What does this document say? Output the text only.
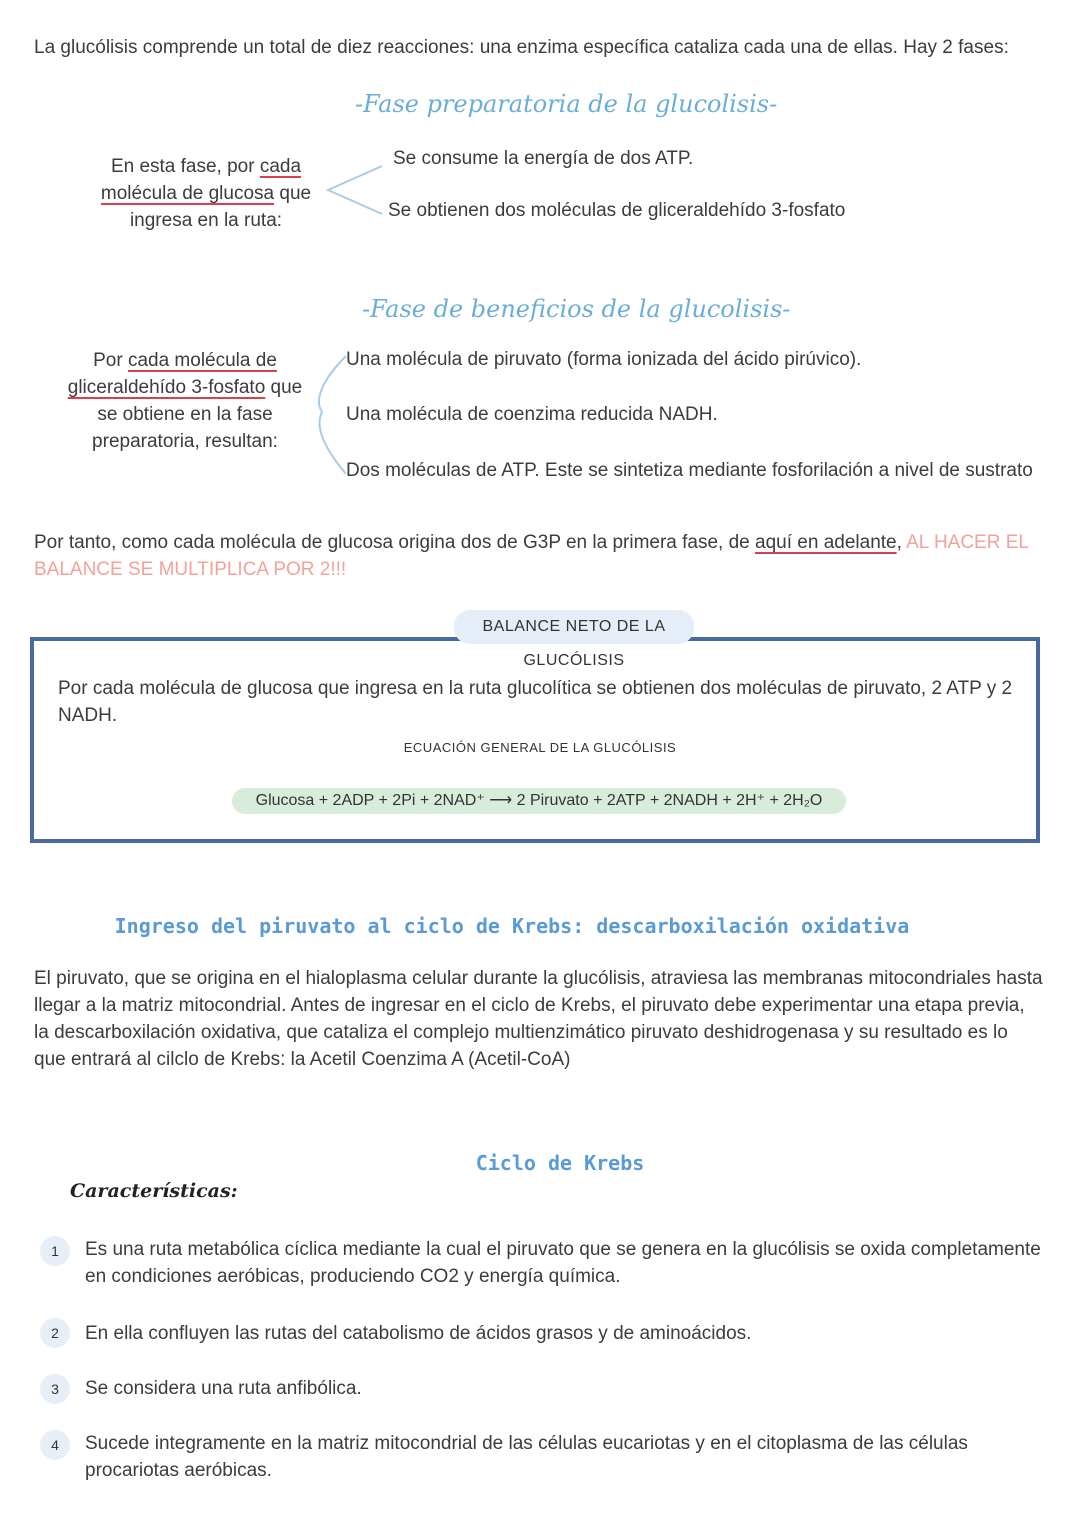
La glucólisis comprende un total de diez reacciones: una enzima específica cataliza cada una de ellas. Hay 2 fases:
-Fase preparatoria de la glucolisis-
En esta fase, por cada
molécula de glucosa que
ingresa en la ruta:
Se consume la energía de dos ATP.
Se obtienen dos moléculas de gliceraldehído 3-fosfato
-Fase de beneficios de la glucolisis-
Por cada molécula de
gliceraldehído 3-fosfato que
se obtiene en la fase
preparatoria, resultan:
Una molécula de piruvato (forma ionizada del ácido pirúvico).
Una molécula de coenzima reducida NADH.
Dos moléculas de ATP. Este se sintetiza mediante fosforilación a nivel de sustrato
Por tanto, como cada molécula de glucosa origina dos de G3P en la primera fase, de aquí en adelante, AL HACER EL BALANCE SE MULTIPLICA POR 2!!!
BALANCE NETO DE LA GLUCÓLISIS
Por cada molécula de glucosa que ingresa en la ruta glucolítica se obtienen dos moléculas de piruvato, 2 ATP y 2 NADH.
ECUACIÓN GENERAL DE LA GLUCÓLISIS
Glucosa + 2ADP + 2Pi + 2NAD⁺ ⟶ 2 Piruvato + 2ATP + 2NADH + 2H⁺ + 2H₂O
Ingreso del piruvato al ciclo de Krebs: descarboxilación oxidativa
El piruvato, que se origina en el hialoplasma celular durante la glucólisis, atraviesa las membranas mitocondriales hasta llegar a la matriz mitocondrial. Antes de ingresar en el ciclo de Krebs, el piruvato debe experimentar una etapa previa, la descarboxilación oxidativa, que cataliza el complejo multienzimático piruvato deshidrogenasa y su resultado es lo que entrará al cilclo de Krebs: la Acetil Coenzima A (Acetil-CoA)
Ciclo de Krebs
Características:
1	Es una ruta metabólica cíclica mediante la cual el piruvato que se genera en la glucólisis se oxida completamente en condiciones aeróbicas, produciendo CO2 y energía química.
2	En ella confluyen las rutas del catabolismo de ácidos grasos y de aminoácidos.
3	Se considera una ruta anfibólica.
4	Sucede integramente en la matriz mitocondrial de las células eucariotas y en el citoplasma de las células procariotas aeróbicas.
